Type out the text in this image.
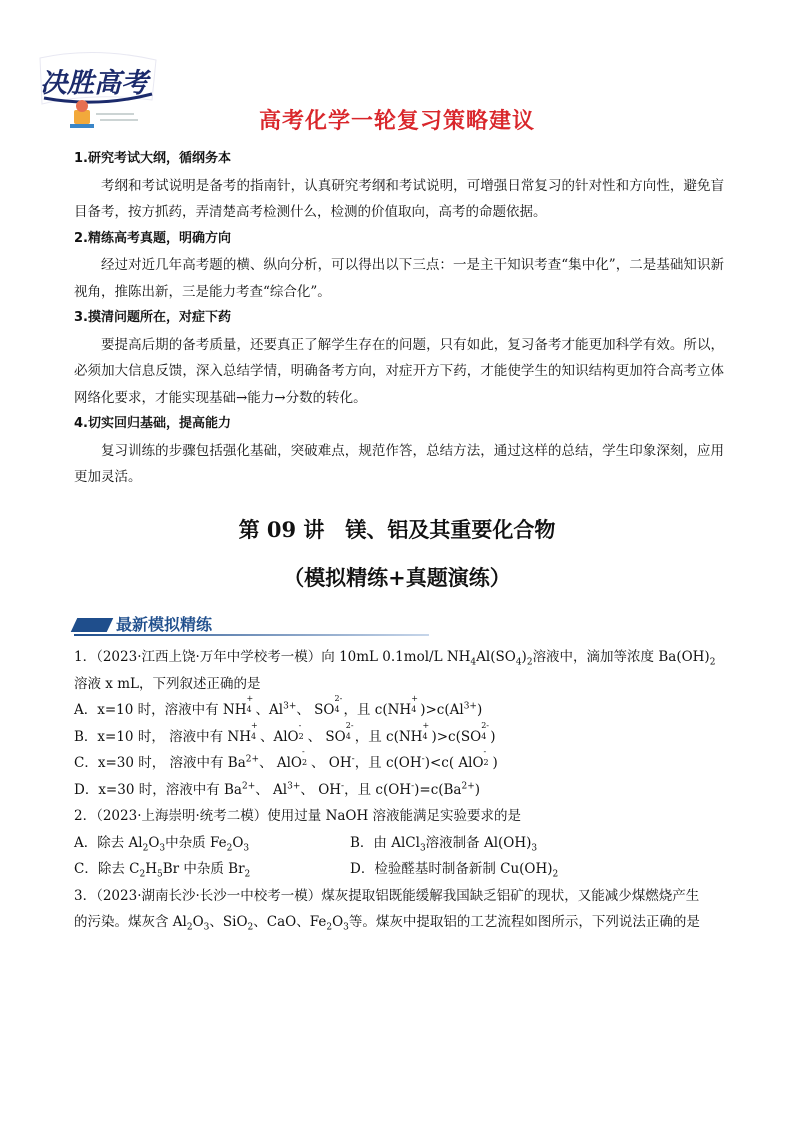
决胜高考
高考化学一轮复习策略建议
1.研究考试大纲，循纲务本
考纲和考试说明是备考的指南针，认真研究考纲和考试说明，可增强日常复习的针对性和方向性，避免盲目备考，按方抓药，弄清楚高考检测什么，检测的价值取向，高考的命题依据。
2.精练高考真题，明确方向
经过对近几年高考题的横、纵向分析，可以得出以下三点：一是主干知识考查“集中化”，二是基础知识新视角，推陈出新，三是能力考查“综合化”。
3.摸清问题所在，对症下药
要提高后期的备考质量，还要真正了解学生存在的问题，只有如此，复习备考才能更加科学有效。所以，必须加大信息反馈，深入总结学情，明确备考方向，对症开方下药，才能使学生的知识结构更加符合高考立体网络化要求，才能实现基础→能力→分数的转化。
4.切实回归基础，提高能力
复习训练的步骤包括强化基础，突破难点，规范作答，总结方法，通过这样的总结，学生印象深刻，应用更加灵活。
第 09 讲　镁、铝及其重要化合物
（模拟精练+真题演练）
最新模拟精练
1．（2023·江西上饶·万年中学校考一模）向 10mL 0.1mol/L $NH_4Al(SO_4)_2$溶液中，滴加等浓度 $Ba(OH)_2$溶液 x mL，下列叙述正确的是
A．x=10 时，溶液中有 NH
+
4 、$Al^{3+}$、 SO
2-
4 ，且 c(NH
+
4 )$>c(Al^{3+})$
B．x=10 时， 溶液中有 NH
+
4 、AlO
-
2 、 SO
2-
4 ，且 c(NH
+
4 )>c(SO
2-
4 )
C．x=30 时， 溶液中有 $Ba^{2+}$、 AlO
-
2 、 OH-，且 c(OH-)<c( AlO
-
2 )
D．x=30 时，溶液中有 $Ba^{2+}$、 $Al^{3+}$、 OH-，且 $c(OH^-)=c(Ba^{2+})$
2．（2023·上海崇明·统考二模）使用过量 NaOH 溶液能满足实验要求的是
A．除去 $Al_2O_3$中杂质 $Fe_2O_3$	B．由 AlCl$_3$溶液制备 $Al(OH)_3$
C．除去 $C_2H_5Br$ 中杂质 $Br_2$	D．检验醛基时制备新制 $Cu(OH)_2$
3．（2023·湖南长沙·长沙一中校考一模）煤灰提取铝既能缓解我国缺乏铝矿的现状，又能减少煤燃烧产生
的污染。煤灰含 $Al_2O_3$、SiO$_2$、CaO、$Fe_2O_3$等。煤灰中提取铝的工艺流程如图所示，下列说法正确的是
